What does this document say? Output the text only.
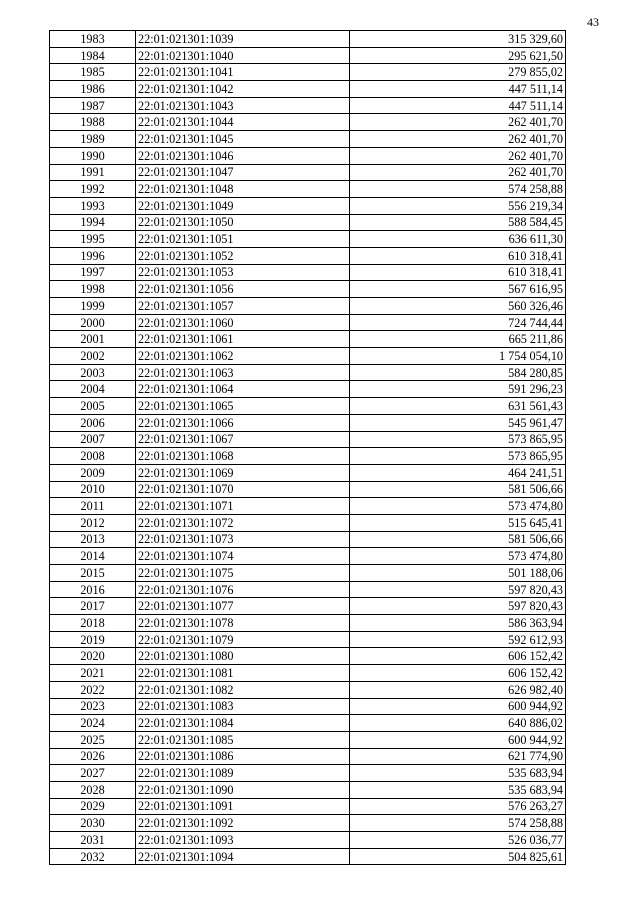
43
1983	22:01:021301:1039	315 329,60
1984	22:01:021301:1040	295 621,50
1985	22:01:021301:1041	279 855,02
1986	22:01:021301:1042	447 511,14
1987	22:01:021301:1043	447 511,14
1988	22:01:021301:1044	262 401,70
1989	22:01:021301:1045	262 401,70
1990	22:01:021301:1046	262 401,70
1991	22:01:021301:1047	262 401,70
1992	22:01:021301:1048	574 258,88
1993	22:01:021301:1049	556 219,34
1994	22:01:021301:1050	588 584,45
1995	22:01:021301:1051	636 611,30
1996	22:01:021301:1052	610 318,41
1997	22:01:021301:1053	610 318,41
1998	22:01:021301:1056	567 616,95
1999	22:01:021301:1057	560 326,46
2000	22:01:021301:1060	724 744,44
2001	22:01:021301:1061	665 211,86
2002	22:01:021301:1062	1 754 054,10
2003	22:01:021301:1063	584 280,85
2004	22:01:021301:1064	591 296,23
2005	22:01:021301:1065	631 561,43
2006	22:01:021301:1066	545 961,47
2007	22:01:021301:1067	573 865,95
2008	22:01:021301:1068	573 865,95
2009	22:01:021301:1069	464 241,51
2010	22:01:021301:1070	581 506,66
2011	22:01:021301:1071	573 474,80
2012	22:01:021301:1072	515 645,41
2013	22:01:021301:1073	581 506,66
2014	22:01:021301:1074	573 474,80
2015	22:01:021301:1075	501 188,06
2016	22:01:021301:1076	597 820,43
2017	22:01:021301:1077	597 820,43
2018	22:01:021301:1078	586 363,94
2019	22:01:021301:1079	592 612,93
2020	22:01:021301:1080	606 152,42
2021	22:01:021301:1081	606 152,42
2022	22:01:021301:1082	626 982,40
2023	22:01:021301:1083	600 944,92
2024	22:01:021301:1084	640 886,02
2025	22:01:021301:1085	600 944,92
2026	22:01:021301:1086	621 774,90
2027	22:01:021301:1089	535 683,94
2028	22:01:021301:1090	535 683,94
2029	22:01:021301:1091	576 263,27
2030	22:01:021301:1092	574 258,88
2031	22:01:021301:1093	526 036,77
2032	22:01:021301:1094	504 825,61
